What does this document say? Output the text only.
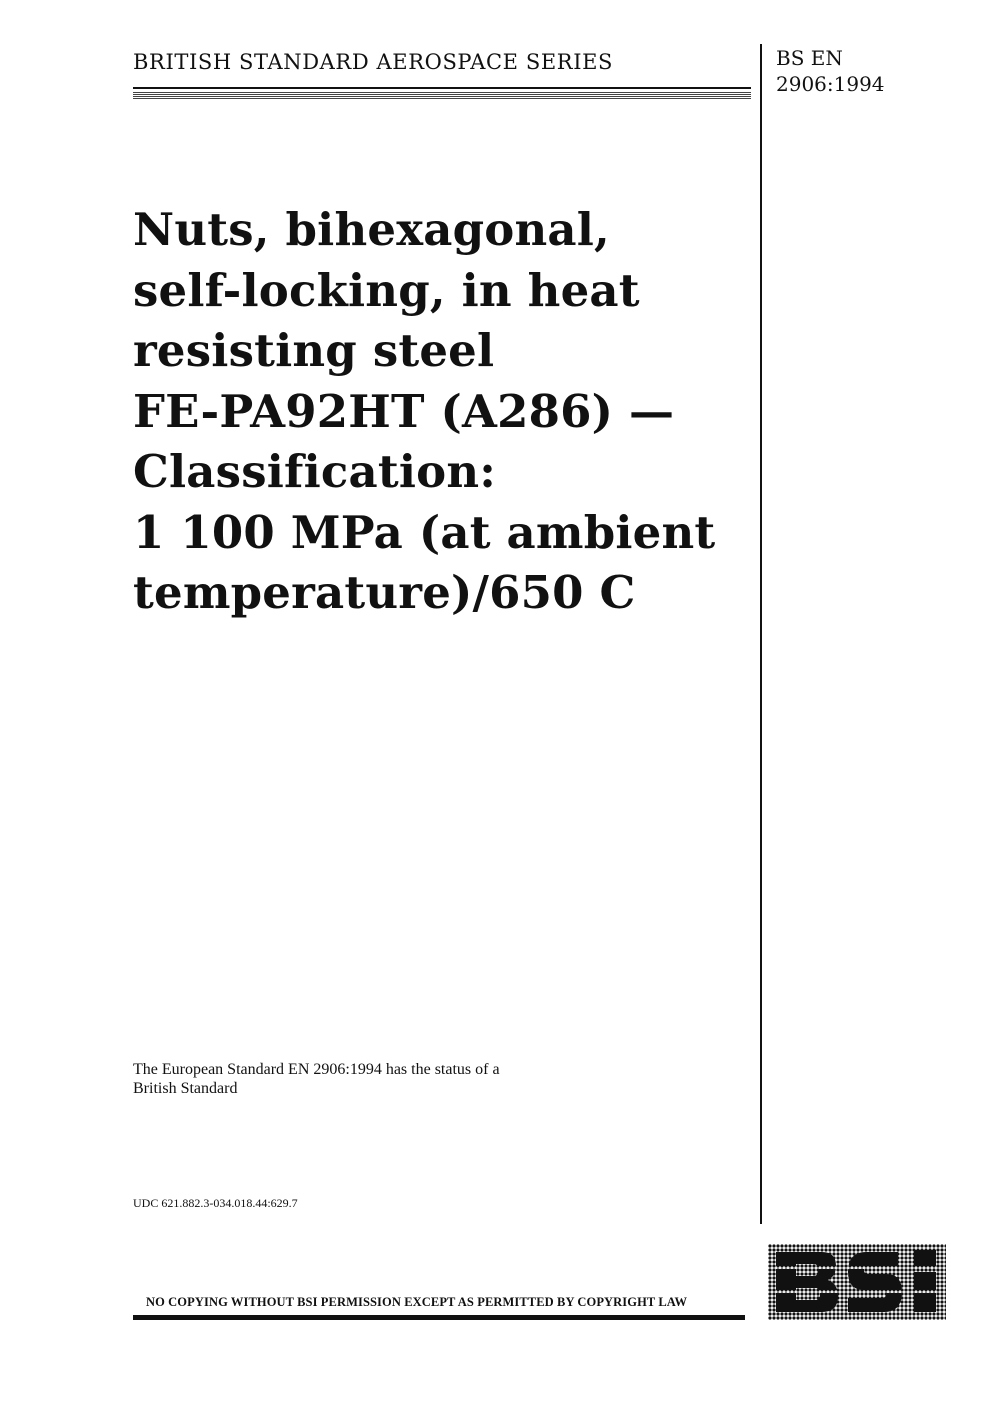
BRITISH STANDARD AEROSPACE SERIES	BS EN
2906:1994
Nuts, bihexagonal,
self-locking, in heat
resisting steel
FE-PA92HT (A286) —
Classification:
1 100 MPa (at ambient
temperature)/650 C
The European Standard EN 2906:1994 has the status of a
British Standard
UDC 621.882.3-034.018.44:629.7
NO COPYING WITHOUT BSI PERMISSION EXCEPT AS PERMITTED BY COPYRIGHT LAW
